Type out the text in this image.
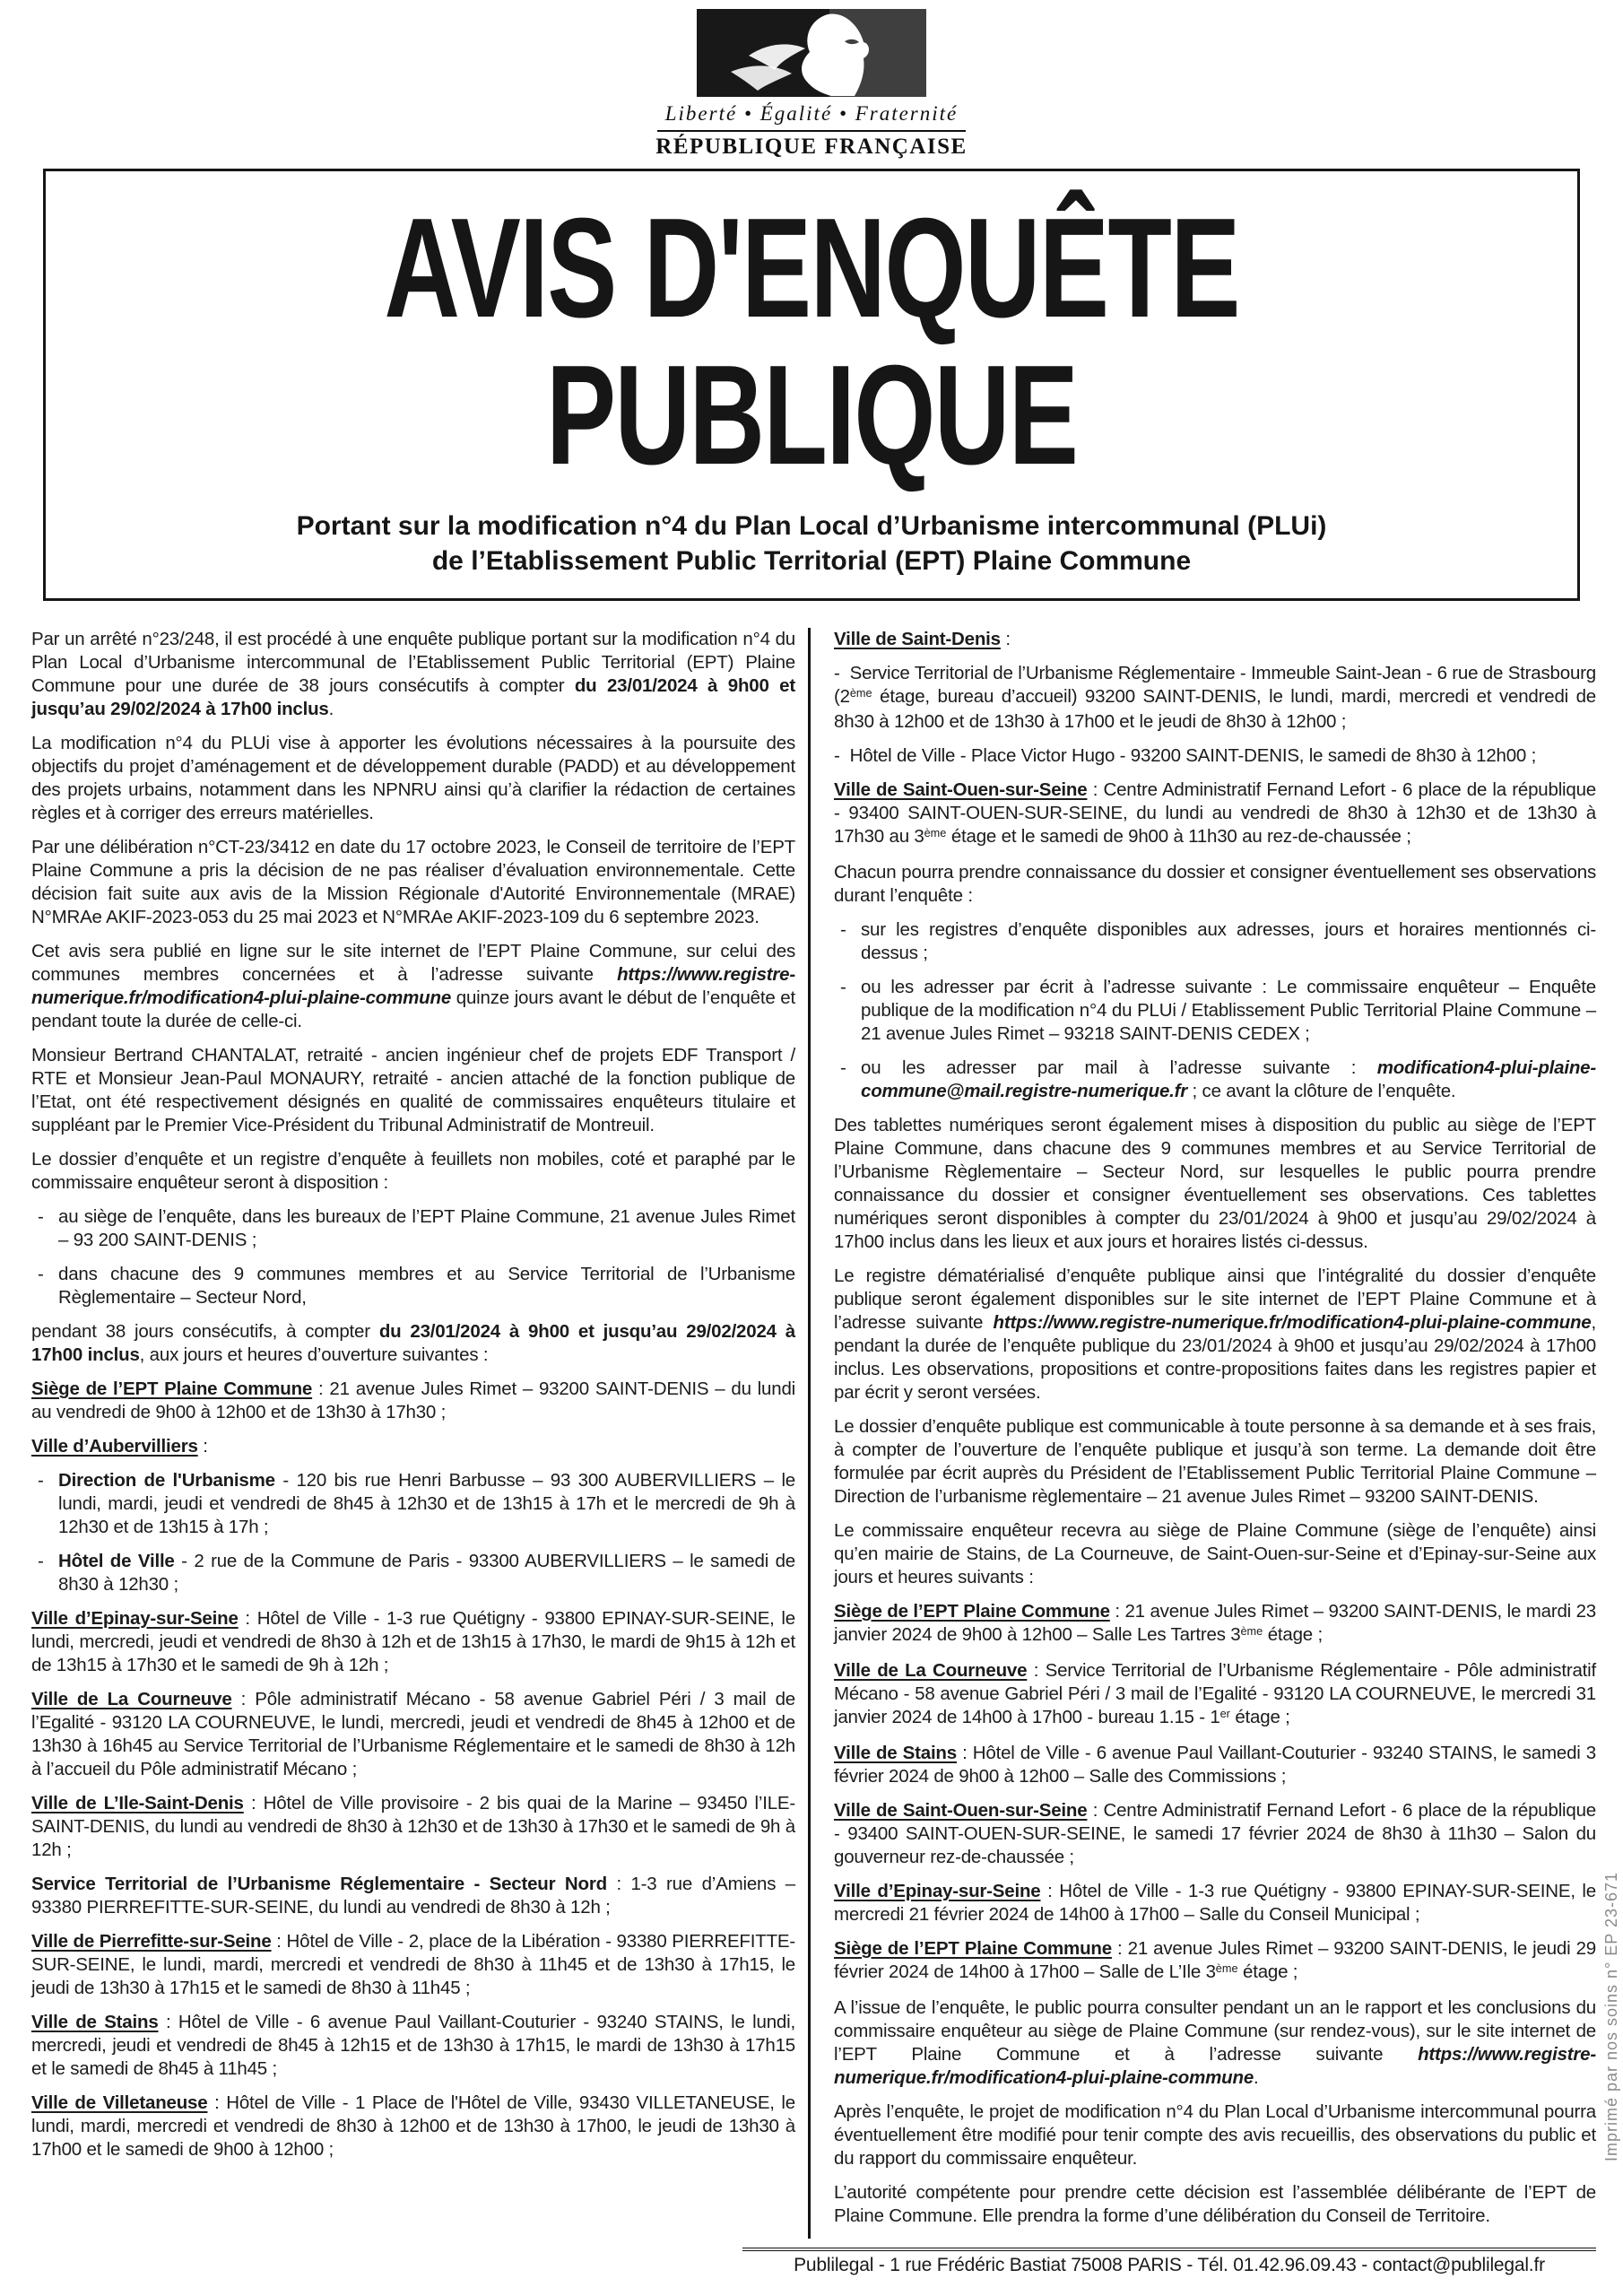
Liberté • Égalité • Fraternité
RÉPUBLIQUE FRANÇAISE
AVIS D'ENQUÊTE
PUBLIQUE
Portant sur la modification n°4 du Plan Local d’Urbanisme intercommunal (PLUi)
de l’Etablissement Public Territorial (EPT) Plaine Commune
Par un arrêté n°23/248, il est procédé à une enquête publique portant sur la modification n°4 du Plan Local d’Urbanisme intercommunal de l’Etablissement Public Territorial (EPT) Plaine Commune pour une durée de 38 jours consécutifs à compter du 23/01/2024 à 9h00 et jusqu’au 29/02/2024 à 17h00 inclus.
La modification n°4 du PLUi vise à apporter les évolutions nécessaires à la poursuite des objectifs du projet d’aménagement et de développement durable (PADD) et au développement des projets urbains, notamment dans les NPNRU ainsi qu’à clarifier la rédaction de certaines règles et à corriger des erreurs matérielles.
Par une délibération n°CT-23/3412 en date du 17 octobre 2023, le Conseil de territoire de l’EPT Plaine Commune a pris la décision de ne pas réaliser d’évaluation environnementale. Cette décision fait suite aux avis de la Mission Régionale d'Autorité Environnementale (MRAE) N°MRAe AKIF-2023-053 du 25 mai 2023 et N°MRAe AKIF-2023-109 du 6 septembre 2023.
Cet avis sera publié en ligne sur le site internet de l’EPT Plaine Commune, sur celui des communes membres concernées et à l’adresse suivante https://www.registre-numerique.fr/modification4-plui-plaine-commune quinze jours avant le début de l’enquête et pendant toute la durée de celle-ci.
Monsieur Bertrand CHANTALAT, retraité - ancien ingénieur chef de projets EDF Transport / RTE et Monsieur Jean-Paul MONAURY, retraité - ancien attaché de la fonction publique de l’Etat, ont été respectivement désignés en qualité de commissaires enquêteurs titulaire et suppléant par le Premier Vice-Président du Tribunal Administratif de Montreuil.
Le dossier d’enquête et un registre d’enquête à feuillets non mobiles, coté et paraphé par le commissaire enquêteur seront à disposition :
- au siège de l’enquête, dans les bureaux de l’EPT Plaine Commune, 21 avenue Jules Rimet – 93 200 SAINT-DENIS ;
- dans chacune des 9 communes membres et au Service Territorial de l’Urbanisme Règlementaire – Secteur Nord,
pendant 38 jours consécutifs, à compter du 23/01/2024 à 9h00 et jusqu’au 29/02/2024 à 17h00 inclus, aux jours et heures d’ouverture suivantes :
Siège de l’EPT Plaine Commune : 21 avenue Jules Rimet – 93200 SAINT-DENIS – du lundi au vendredi de 9h00 à 12h00 et de 13h30 à 17h30 ;
Ville d’Aubervilliers :
- Direction de l'Urbanisme - 120 bis rue Henri Barbusse – 93 300 AUBERVILLIERS – le lundi, mardi, jeudi et vendredi de 8h45 à 12h30 et de 13h15 à 17h et le mercredi de 9h à 12h30 et de 13h15 à 17h ;
- Hôtel de Ville - 2 rue de la Commune de Paris - 93300 AUBERVILLIERS – le samedi de 8h30 à 12h30 ;
Ville d’Epinay-sur-Seine : Hôtel de Ville - 1-3 rue Quétigny - 93800 EPINAY-SUR-SEINE, le lundi, mercredi, jeudi et vendredi de 8h30 à 12h et de 13h15 à 17h30, le mardi de 9h15 à 12h et de 13h15 à 17h30 et le samedi de 9h à 12h ;
Ville de La Courneuve : Pôle administratif Mécano - 58 avenue Gabriel Péri / 3 mail de l’Egalité - 93120 LA COURNEUVE, le lundi, mercredi, jeudi et vendredi de 8h45 à 12h00 et de 13h30 à 16h45 au Service Territorial de l’Urbanisme Réglementaire et le samedi de 8h30 à 12h à l’accueil du Pôle administratif Mécano ;
Ville de L’Ile-Saint-Denis : Hôtel de Ville provisoire - 2 bis quai de la Marine – 93450 l’ILE-SAINT-DENIS, du lundi au vendredi de 8h30 à 12h30 et de 13h30 à 17h30 et le samedi de 9h à 12h ;
Service Territorial de l’Urbanisme Réglementaire - Secteur Nord : 1-3 rue d’Amiens – 93380 PIERREFITTE-SUR-SEINE, du lundi au vendredi de 8h30 à 12h ;
Ville de Pierrefitte-sur-Seine : Hôtel de Ville - 2, place de la Libération - 93380 PIERREFITTE-SUR-SEINE, le lundi, mardi, mercredi et vendredi de 8h30 à 11h45 et de 13h30 à 17h15, le jeudi de 13h30 à 17h15 et le samedi de 8h30 à 11h45 ;
Ville de Stains : Hôtel de Ville - 6 avenue Paul Vaillant-Couturier - 93240 STAINS, le lundi, mercredi, jeudi et vendredi de 8h45 à 12h15 et de 13h30 à 17h15, le mardi de 13h30 à 17h15 et le samedi de 8h45 à 11h45 ;
Ville de Villetaneuse : Hôtel de Ville - 1 Place de l'Hôtel de Ville, 93430 VILLETANEUSE, le lundi, mardi, mercredi et vendredi de 8h30 à 12h00 et de 13h30 à 17h00, le jeudi de 13h30 à 17h00 et le samedi de 9h00 à 12h00 ;
Ville de Saint-Denis :
-  Service Territorial de l’Urbanisme Réglementaire - Immeuble Saint-Jean - 6 rue de Strasbourg (2ème étage, bureau d’accueil) 93200 SAINT-DENIS, le lundi, mardi, mercredi et vendredi de 8h30 à 12h00 et de 13h30 à 17h00 et le jeudi de 8h30 à 12h00 ;
-  Hôtel de Ville - Place Victor Hugo - 93200 SAINT-DENIS, le samedi de 8h30 à 12h00 ;
Ville de Saint-Ouen-sur-Seine : Centre Administratif Fernand Lefort - 6 place de la république - 93400 SAINT-OUEN-SUR-SEINE, du lundi au vendredi de 8h30 à 12h30 et de 13h30 à 17h30 au 3ème étage et le samedi de 9h00 à 11h30 au rez-de-chaussée ;
Chacun pourra prendre connaissance du dossier et consigner éventuellement ses observations durant l’enquête :
- sur les registres d’enquête disponibles aux adresses, jours et horaires mentionnés ci-dessus ;
- ou les adresser par écrit à l’adresse suivante : Le commissaire enquêteur – Enquête publique de la modification n°4 du PLUi / Etablissement Public Territorial Plaine Commune – 21 avenue Jules Rimet – 93218 SAINT-DENIS CEDEX ;
- ou les adresser par mail à l’adresse suivante : modification4-plui-plaine-commune@mail.registre-numerique.fr ; ce avant la clôture de l’enquête.
Des tablettes numériques seront également mises à disposition du public au siège de l’EPT Plaine Commune, dans chacune des 9 communes membres et au Service Territorial de l’Urbanisme Règlementaire – Secteur Nord, sur lesquelles le public pourra prendre connaissance du dossier et consigner éventuellement ses observations. Ces tablettes numériques seront disponibles à compter du 23/01/2024 à 9h00 et jusqu’au 29/02/2024 à 17h00 inclus dans les lieux et aux jours et horaires listés ci-dessus.
Le registre dématérialisé d’enquête publique ainsi que l’intégralité du dossier d’enquête publique seront également disponibles sur le site internet de l’EPT Plaine Commune et à l’adresse suivante https://www.registre-numerique.fr/modification4-plui-plaine-commune, pendant la durée de l’enquête publique du 23/01/2024 à 9h00 et jusqu’au 29/02/2024 à 17h00 inclus. Les observations, propositions et contre-propositions faites dans les registres papier et par écrit y seront versées.
Le dossier d’enquête publique est communicable à toute personne à sa demande et à ses frais, à compter de l’ouverture de l’enquête publique et jusqu’à son terme. La demande doit être formulée par écrit auprès du Président de l’Etablissement Public Territorial Plaine Commune – Direction de l’urbanisme règlementaire – 21 avenue Jules Rimet – 93200 SAINT-DENIS.
Le commissaire enquêteur recevra au siège de Plaine Commune (siège de l’enquête) ainsi qu’en mairie de Stains, de La Courneuve, de Saint-Ouen-sur-Seine et d’Epinay-sur-Seine aux jours et heures suivants :
Siège de l’EPT Plaine Commune : 21 avenue Jules Rimet – 93200 SAINT-DENIS, le mardi 23 janvier 2024 de 9h00 à 12h00 – Salle Les Tartres 3ème étage ;
Ville de La Courneuve : Service Territorial de l’Urbanisme Réglementaire - Pôle administratif Mécano - 58 avenue Gabriel Péri / 3 mail de l’Egalité - 93120 LA COURNEUVE, le mercredi 31 janvier 2024 de 14h00 à 17h00 - bureau 1.15 - 1er étage ;
Ville de Stains : Hôtel de Ville - 6 avenue Paul Vaillant-Couturier - 93240 STAINS, le samedi 3 février 2024 de 9h00 à 12h00 – Salle des Commissions ;
Ville de Saint-Ouen-sur-Seine : Centre Administratif Fernand Lefort - 6 place de la république - 93400 SAINT-OUEN-SUR-SEINE, le samedi 17 février 2024 de 8h30 à 11h30 – Salon du gouverneur rez-de-chaussée ;
Ville d’Epinay-sur-Seine : Hôtel de Ville - 1-3 rue Quétigny - 93800 EPINAY-SUR-SEINE, le mercredi 21 février 2024 de 14h00 à 17h00 – Salle du Conseil Municipal ;
Siège de l’EPT Plaine Commune : 21 avenue Jules Rimet – 93200 SAINT-DENIS, le jeudi 29 février 2024 de 14h00 à 17h00 – Salle de L’Ile 3ème étage ;
A l’issue de l’enquête, le public pourra consulter pendant un an le rapport et les conclusions du commissaire enquêteur au siège de Plaine Commune (sur rendez-vous), sur le site internet de l’EPT Plaine Commune et à l’adresse suivante https://www.registre-numerique.fr/modification4-plui-plaine-commune.
Après l’enquête, le projet de modification n°4 du Plan Local d’Urbanisme intercommunal pourra éventuellement être modifié pour tenir compte des avis recueillis, des observations du public et du rapport du commissaire enquêteur.
L’autorité compétente pour prendre cette décision est l’assemblée délibérante de l’EPT de Plaine Commune. Elle prendra la forme d’une délibération du Conseil de Territoire.
Publilegal - 1 rue Frédéric Bastiat 75008 PARIS - Tél. 01.42.96.09.43 - contact@publilegal.fr
Imprimé par nos soins n° EP 23-671
